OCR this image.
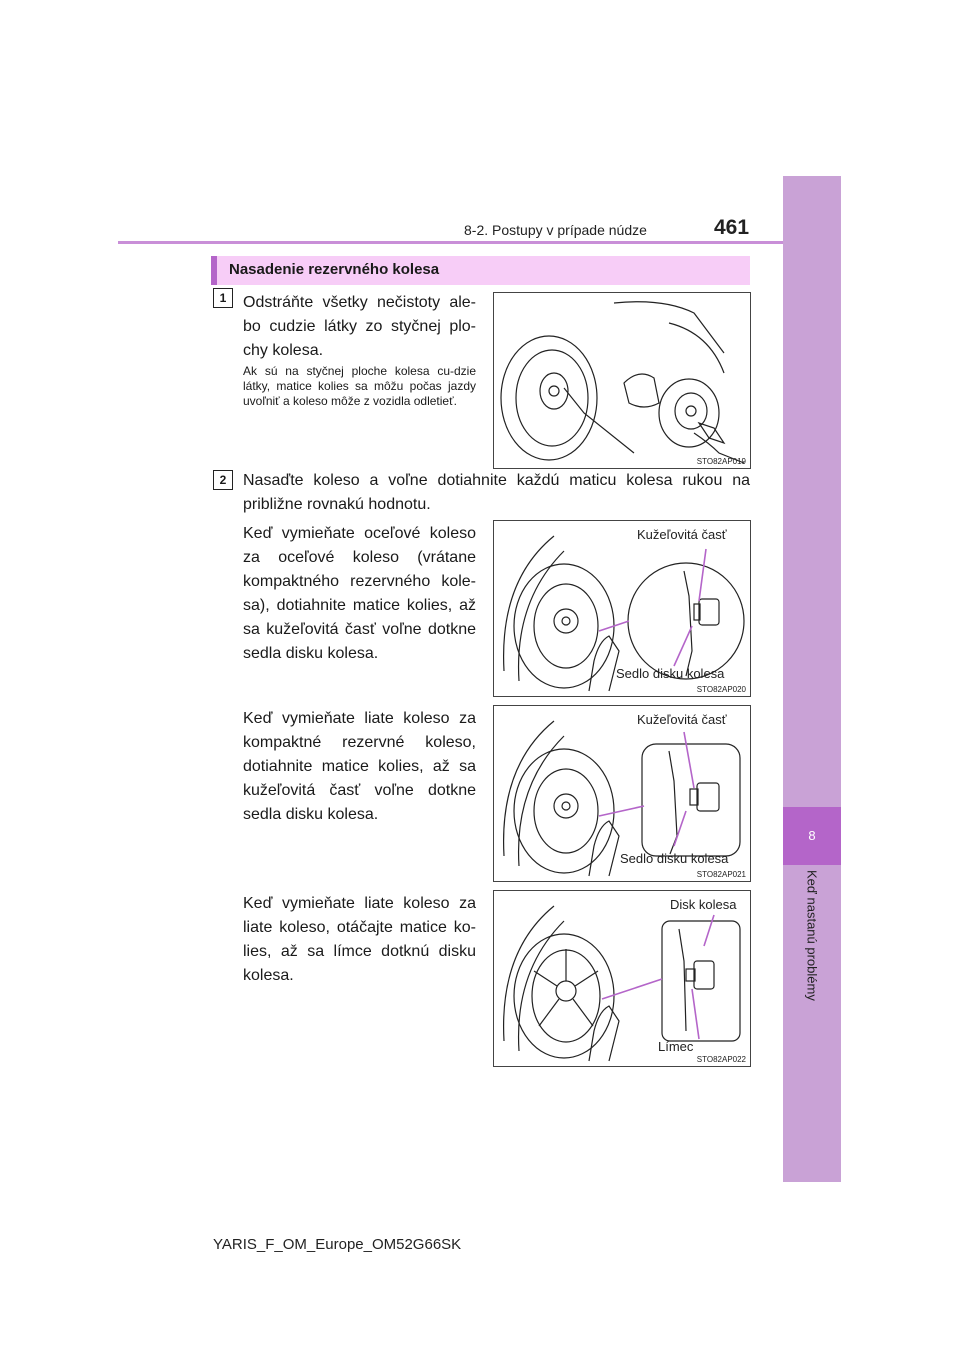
8-2. Postupy v prípade núdze	461
8
Keď nastanú problémy
Nasadenie rezervného kolesa
1	Odstráňte všetky nečistoty ale-bo cudzie látky zo styčnej plo-chy kolesa.
Ak sú na styčnej ploche kolesa cu-dzie látky, matice kolies sa môžu počas jazdy uvoľniť a koleso môže z vozidla odletieť.
STO82AP019
2	Nasaďte koleso a voľne dotiahnite každú maticu kolesa rukou na približne rovnakú hodnotu.
Keď vymieňate oceľové koleso za oceľové koleso (vrátane kompaktného rezervného kole-sa), dotiahnite matice kolies, až sa kužeľovitá časť voľne dotkne sedla disku kolesa.
Kužeľovitá časť
Sedlo disku kolesa
STO82AP020
Keď vymieňate liate koleso za kompaktné rezervné koleso, dotiahnite matice kolies, až sa kužeľovitá časť voľne dotkne sedla disku kolesa.
Kužeľovitá časť
Sedlo disku kolesa
STO82AP021
Keď vymieňate liate koleso za liate koleso, otáčajte matice ko-lies, až sa límce dotknú disku kolesa.
Disk kolesa
Límec
STO82AP022
YARIS_F_OM_Europe_OM52G66SK
